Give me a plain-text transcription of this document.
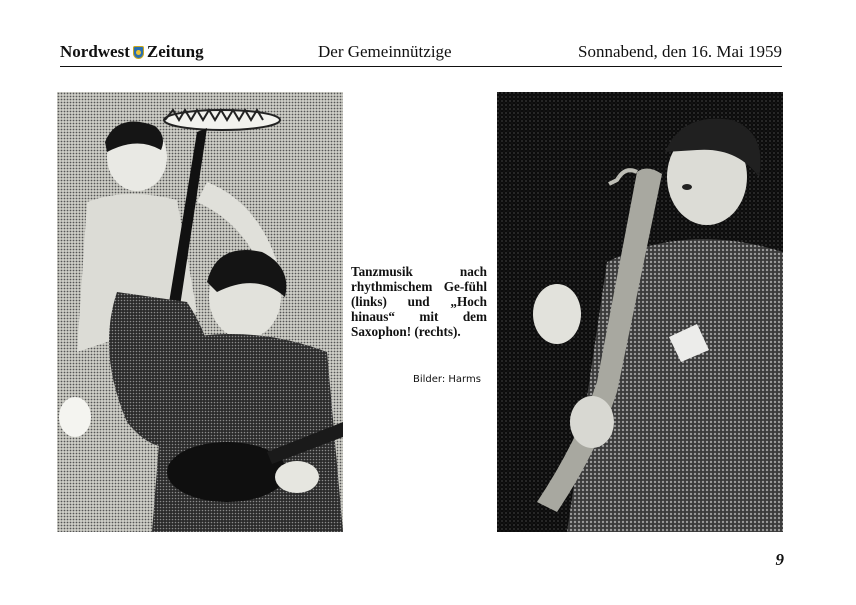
Nordwest Zeitung	Der Gemeinnützige	Sonnabend, den 16. Mai 1959
Tanzmusik nach rhythmischem Ge-fühl (links) und „Hoch hinaus“ mit dem Saxophon! (rechts).
Bilder: Harms
9
